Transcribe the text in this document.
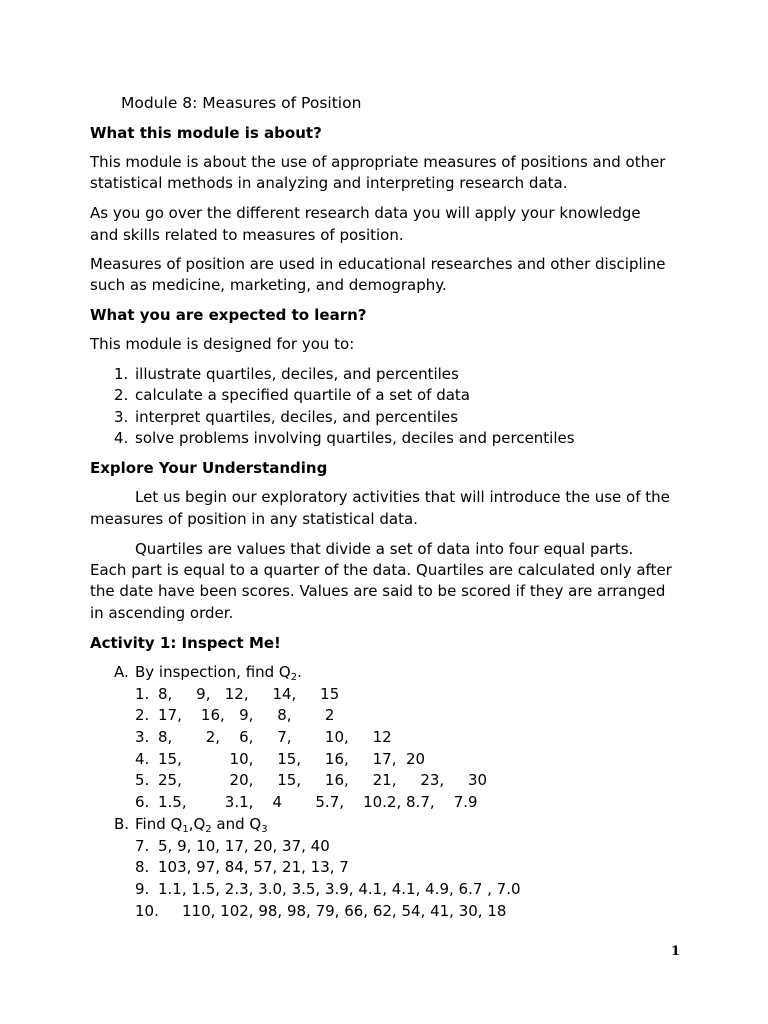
Module 8: Measures of Position
What this module is about?
This module is about the use of appropriate measures of positions and other
statistical methods in analyzing and interpreting research data.
As you go over the different research data you will apply your knowledge
and skills related to measures of position.
Measures of position are used in educational researches and other discipline
such as medicine, marketing, and demography.
What you are expected to learn?
This module is designed for you to:
1. illustrate quartiles, deciles, and percentiles
2. calculate a specified quartile of a set of data
3. interpret quartiles, deciles, and percentiles
4. solve problems involving quartiles, deciles and percentiles
Explore Your Understanding
Let us begin our exploratory activities that will introduce the use of the
measures of position in any statistical data.
Quartiles are values that divide a set of data into four equal parts.
Each part is equal to a quarter of the data. Quartiles are calculated only after
the date have been scores. Values are said to be scored if they are arranged
in ascending order.
Activity 1: Inspect Me!
A. By inspection, find $Q_2$.
1. 8,     9,   12,     14,     15
2. 17,    16,   9,     8,       2
3. 8,       2,    6,     7,       10,     12
4. 15,          10,     15,     16,     17,  20
5. 25,          20,     15,     16,     21,     23,     30
6. 1.5,        3.1,    4       5.7,    10.2, 8.7,    7.9
B. Find $Q_1,Q_2$ and $Q_3$
7. 5, 9, 10, 17, 20, 37, 40
8. 103, 97, 84, 57, 21, 13, 7
9. 1.1, 1.5, 2.3, 3.0, 3.5, 3.9, 4.1, 4.1, 4.9, 6.7 , 7.0
10. 110, 102, 98, 98, 79, 66, 62, 54, 41, 30, 18
1
